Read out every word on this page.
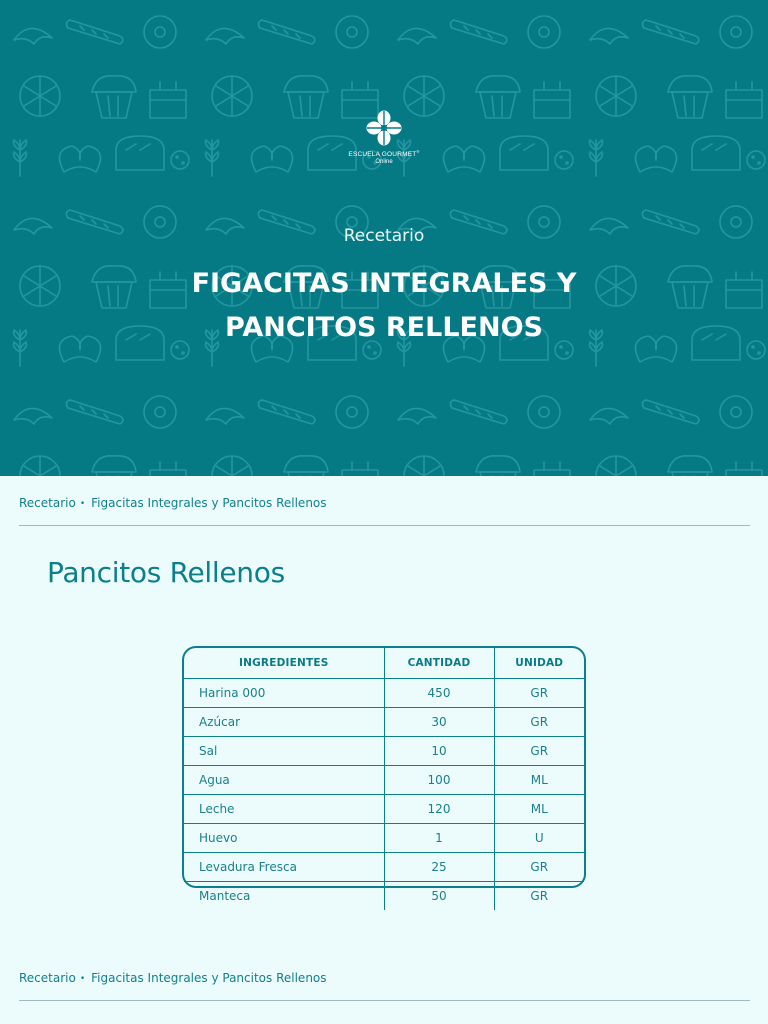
ESCUELA GOURMET®
Online
Recetario
FIGACITAS INTEGRALES Y
PANCITOS RELLENOS
Recetario • Figacitas Integrales y Pancitos Rellenos
Pancitos Rellenos
INGREDIENTES	CANTIDAD	UNIDAD
Harina 000	450	GR
Azúcar	30	GR
Sal	10	GR
Agua	100	ML
Leche	120	ML
Huevo	1	U
Levadura Fresca	25	GR
Manteca	50	GR
Recetario • Figacitas Integrales y Pancitos Rellenos
